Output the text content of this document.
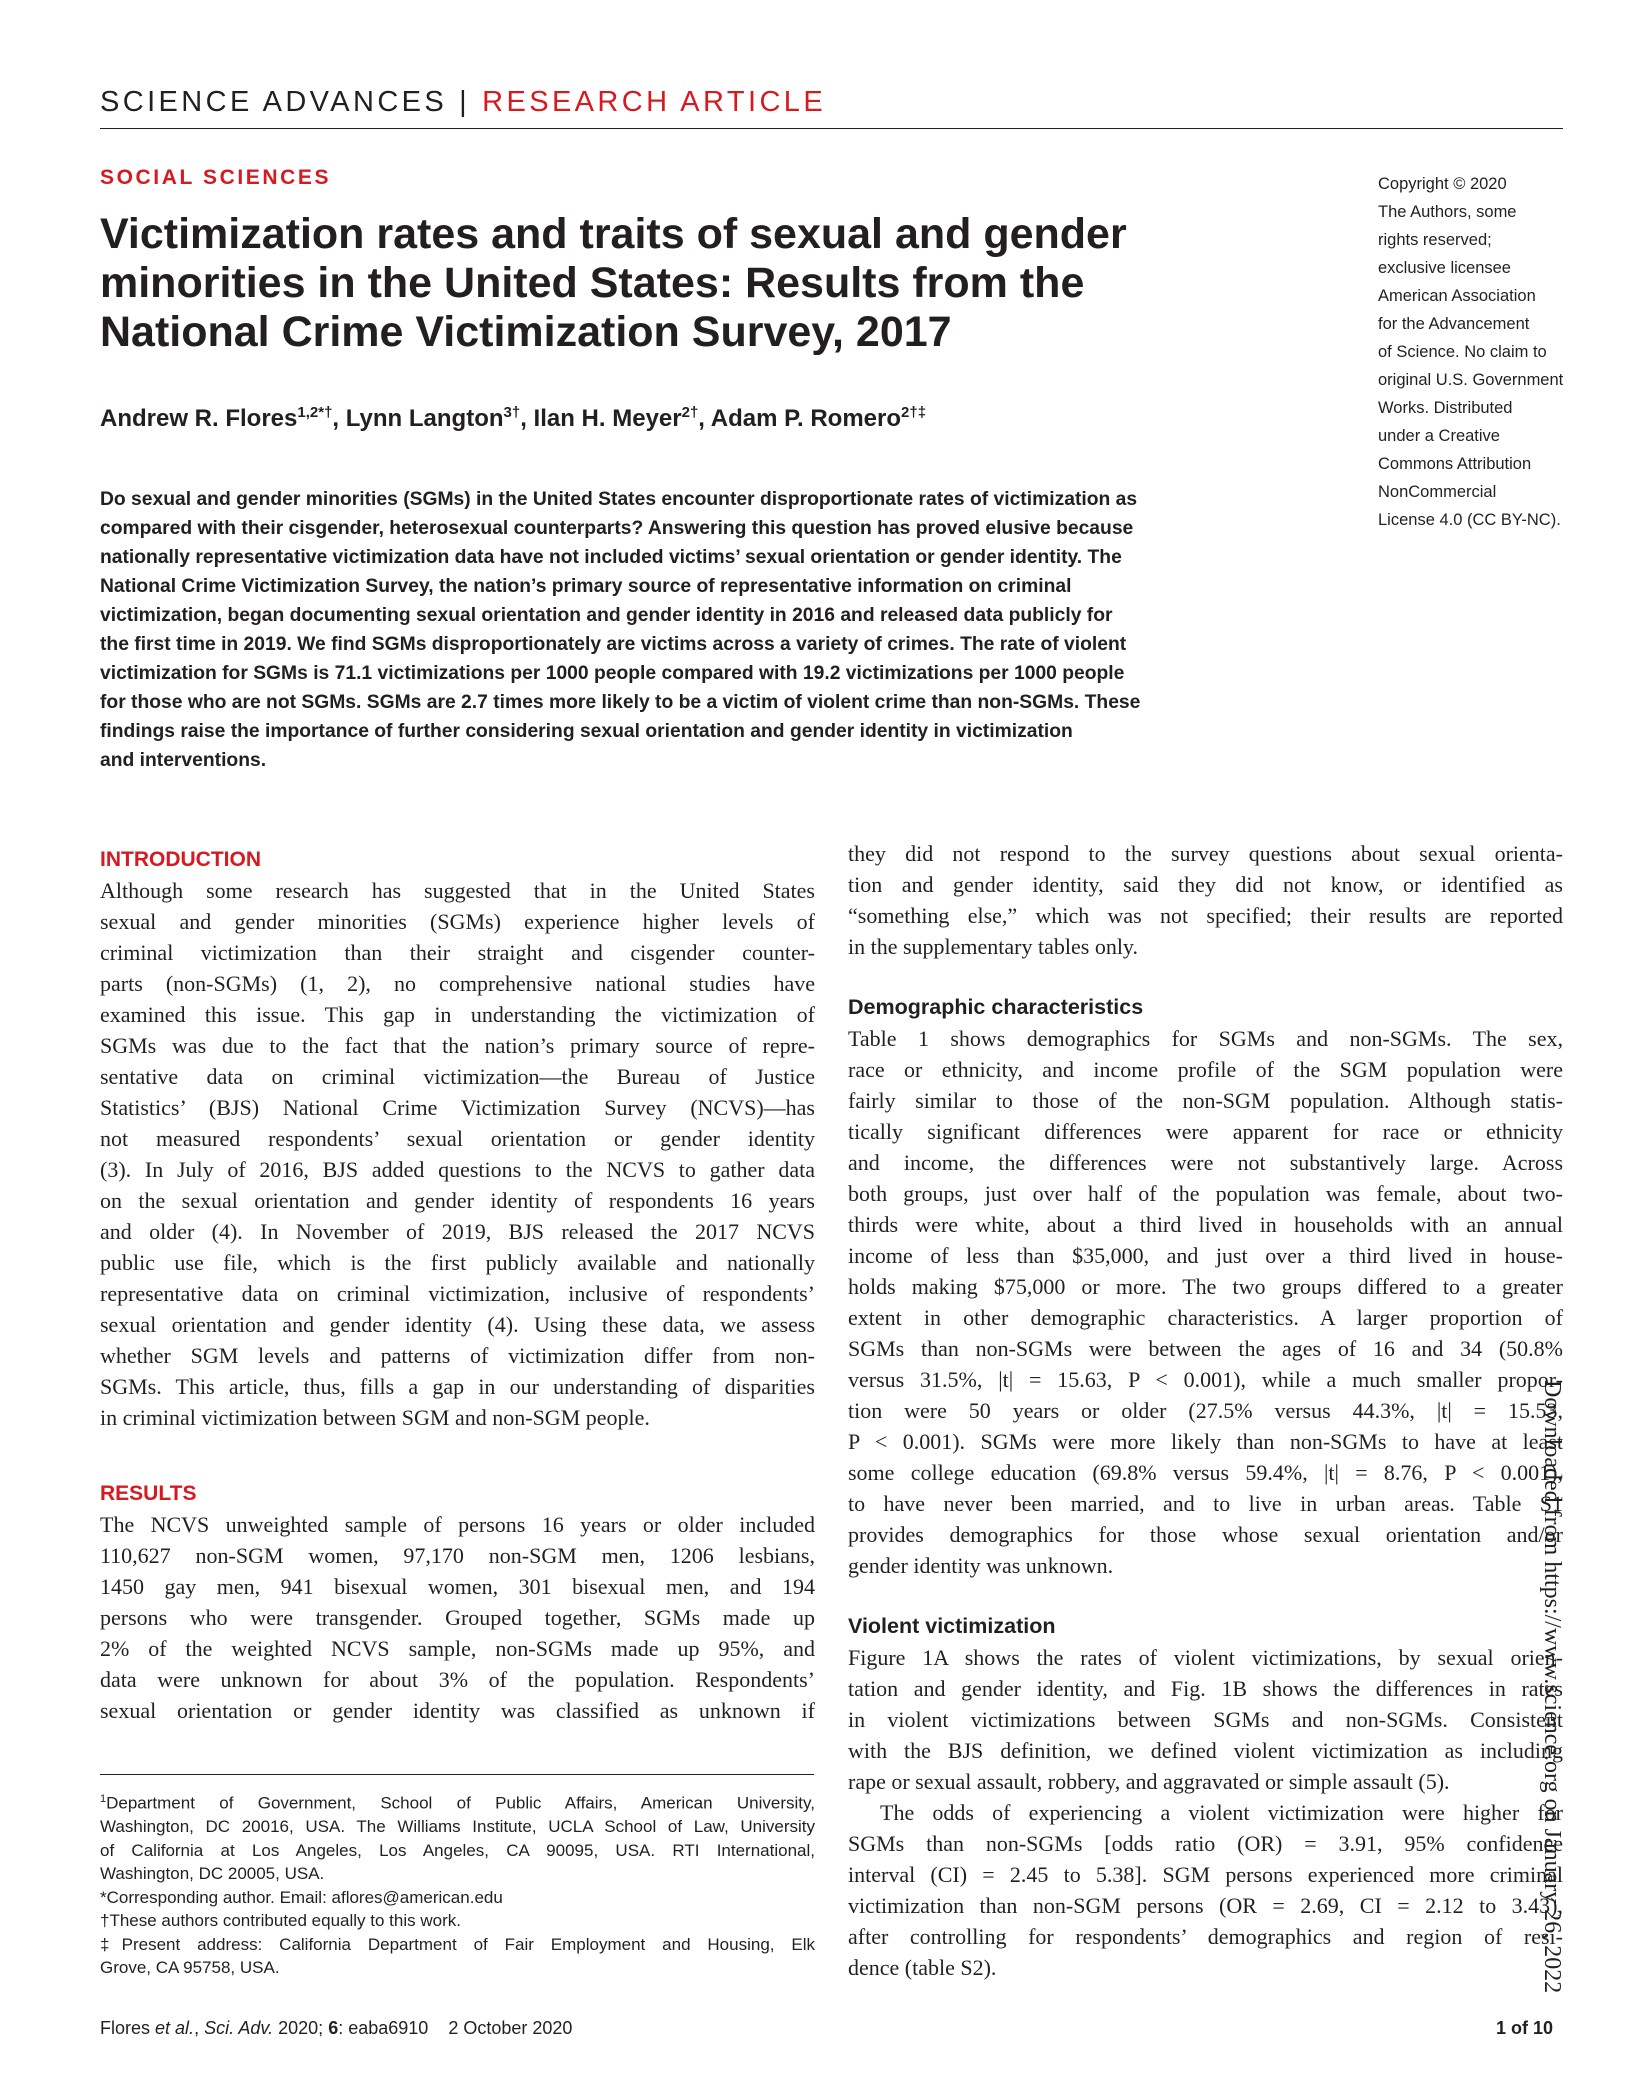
SCIENCE ADVANCES | RESEARCH ARTICLE
SOCIAL SCIENCES
Victimization rates and traits of sexual and gender minorities in the United States: Results from the National Crime Victimization Survey, 2017
Andrew R. Flores$^{1,2*\dagger}$, Lynn Langton$^{3\dagger}$, Ilan H. Meyer$^{2\dagger}$, Adam P. Romero$^{2\dagger\ddagger}$
Copyright © 2020
The Authors, some
rights reserved;
exclusive licensee
American Association
for the Advancement
of Science. No claim to
original U.S. Government
Works. Distributed
under a Creative
Commons Attribution
NonCommercial
License 4.0 (CC BY-NC).
Do sexual and gender minorities (SGMs) in the United States encounter disproportionate rates of victimization as
compared with their cisgender, heterosexual counterparts? Answering this question has proved elusive because
nationally representative victimization data have not included victims’ sexual orientation or gender identity. The
National Crime Victimization Survey, the nation’s primary source of representative information on criminal
victimization, began documenting sexual orientation and gender identity in 2016 and released data publicly for
the first time in 2019. We find SGMs disproportionately are victims across a variety of crimes. The rate of violent
victimization for SGMs is 71.1 victimizations per 1000 people compared with 19.2 victimizations per 1000 people
for those who are not SGMs. SGMs are 2.7 times more likely to be a victim of violent crime than non-SGMs. These
findings raise the importance of further considering sexual orientation and gender identity in victimization
and interventions.
INTRODUCTION
Although some research has suggested that in the United States
sexual and gender minorities (SGMs) experience higher levels of
criminal victimization than their straight and cisgender counter-
parts (non-SGMs) (1, 2), no comprehensive national studies have
examined this issue. This gap in understanding the victimization of
SGMs was due to the fact that the nation’s primary source of repre-
sentative data on criminal victimization—the Bureau of Justice
Statistics’ (BJS) National Crime Victimization Survey (NCVS)—has
not measured respondents’ sexual orientation or gender identity
(3). In July of 2016, BJS added questions to the NCVS to gather data
on the sexual orientation and gender identity of respondents 16 years
and older (4). In November of 2019, BJS released the 2017 NCVS
public use file, which is the first publicly available and nationally
representative data on criminal victimization, inclusive of respondents’
sexual orientation and gender identity (4). Using these data, we assess
whether SGM levels and patterns of victimization differ from non-
SGMs. This article, thus, fills a gap in our understanding of disparities
in criminal victimization between SGM and non-SGM people.
RESULTS
The NCVS unweighted sample of persons 16 years or older included
110,627 non-SGM women, 97,170 non-SGM men, 1206 lesbians,
1450 gay men, 941 bisexual women, 301 bisexual men, and 194
persons who were transgender. Grouped together, SGMs made up
2% of the weighted NCVS sample, non-SGMs made up 95%, and
data were unknown for about 3% of the population. Respondents’
sexual orientation or gender identity was classified as unknown if
they did not respond to the survey questions about sexual orienta-
tion and gender identity, said they did not know, or identified as
“something else,” which was not specified; their results are reported
in the supplementary tables only.
Demographic characteristics
Table 1 shows demographics for SGMs and non-SGMs. The sex,
race or ethnicity, and income profile of the SGM population were
fairly similar to those of the non-SGM population. Although statis-
tically significant differences were apparent for race or ethnicity
and income, the differences were not substantively large. Across
both groups, just over half of the population was female, about two-
thirds were white, about a third lived in households with an annual
income of less than $35,000, and just over a third lived in house-
holds making $75,000 or more. The two groups differed to a greater
extent in other demographic characteristics. A larger proportion of
SGMs than non-SGMs were between the ages of 16 and 34 (50.8%
versus 31.5%, |t| = 15.63, P < 0.001), while a much smaller propor-
tion were 50 years or older (27.5% versus 44.3%, |t| = 15.53,
P < 0.001). SGMs were more likely than non-SGMs to have at least
some college education (69.8% versus 59.4%, |t| = 8.76, P < 0.001),
to have never been married, and to live in urban areas. Table S1
provides demographics for those whose sexual orientation and/or
gender identity was unknown.
Violent victimization
Figure 1A shows the rates of violent victimizations, by sexual orien-
tation and gender identity, and Fig. 1B shows the differences in rates
in violent victimizations between SGMs and non-SGMs. Consistent
with the BJS definition, we defined violent victimization as including
rape or sexual assault, robbery, and aggravated or simple assault (5).
The odds of experiencing a violent victimization were higher for
SGMs than non-SGMs [odds ratio (OR) = 3.91, 95% confidence
interval (CI) = 2.45 to 5.38]. SGM persons experienced more criminal
victimization than non-SGM persons (OR = 2.69, CI = 2.12 to 3.43),
after controlling for respondents’ demographics and region of resi-
dence (table S2).
$^1$Department of Government, School of Public Affairs, American University,
Washington, DC 20016, USA. The Williams Institute, UCLA School of Law, University
of California at Los Angeles, Los Angeles, CA 90095, USA. RTI International,
Washington, DC 20005, USA.
*Corresponding author. Email: aflores@american.edu
†These authors contributed equally to this work.
‡Present address: California Department of Fair Employment and Housing, Elk
Grove, CA 95758, USA.	Downloaded from https://www.science.org on January 26, 2022
Flores et al., Sci. Adv. 2020; 6: eaba6910 2 October 2020	1 of 10
